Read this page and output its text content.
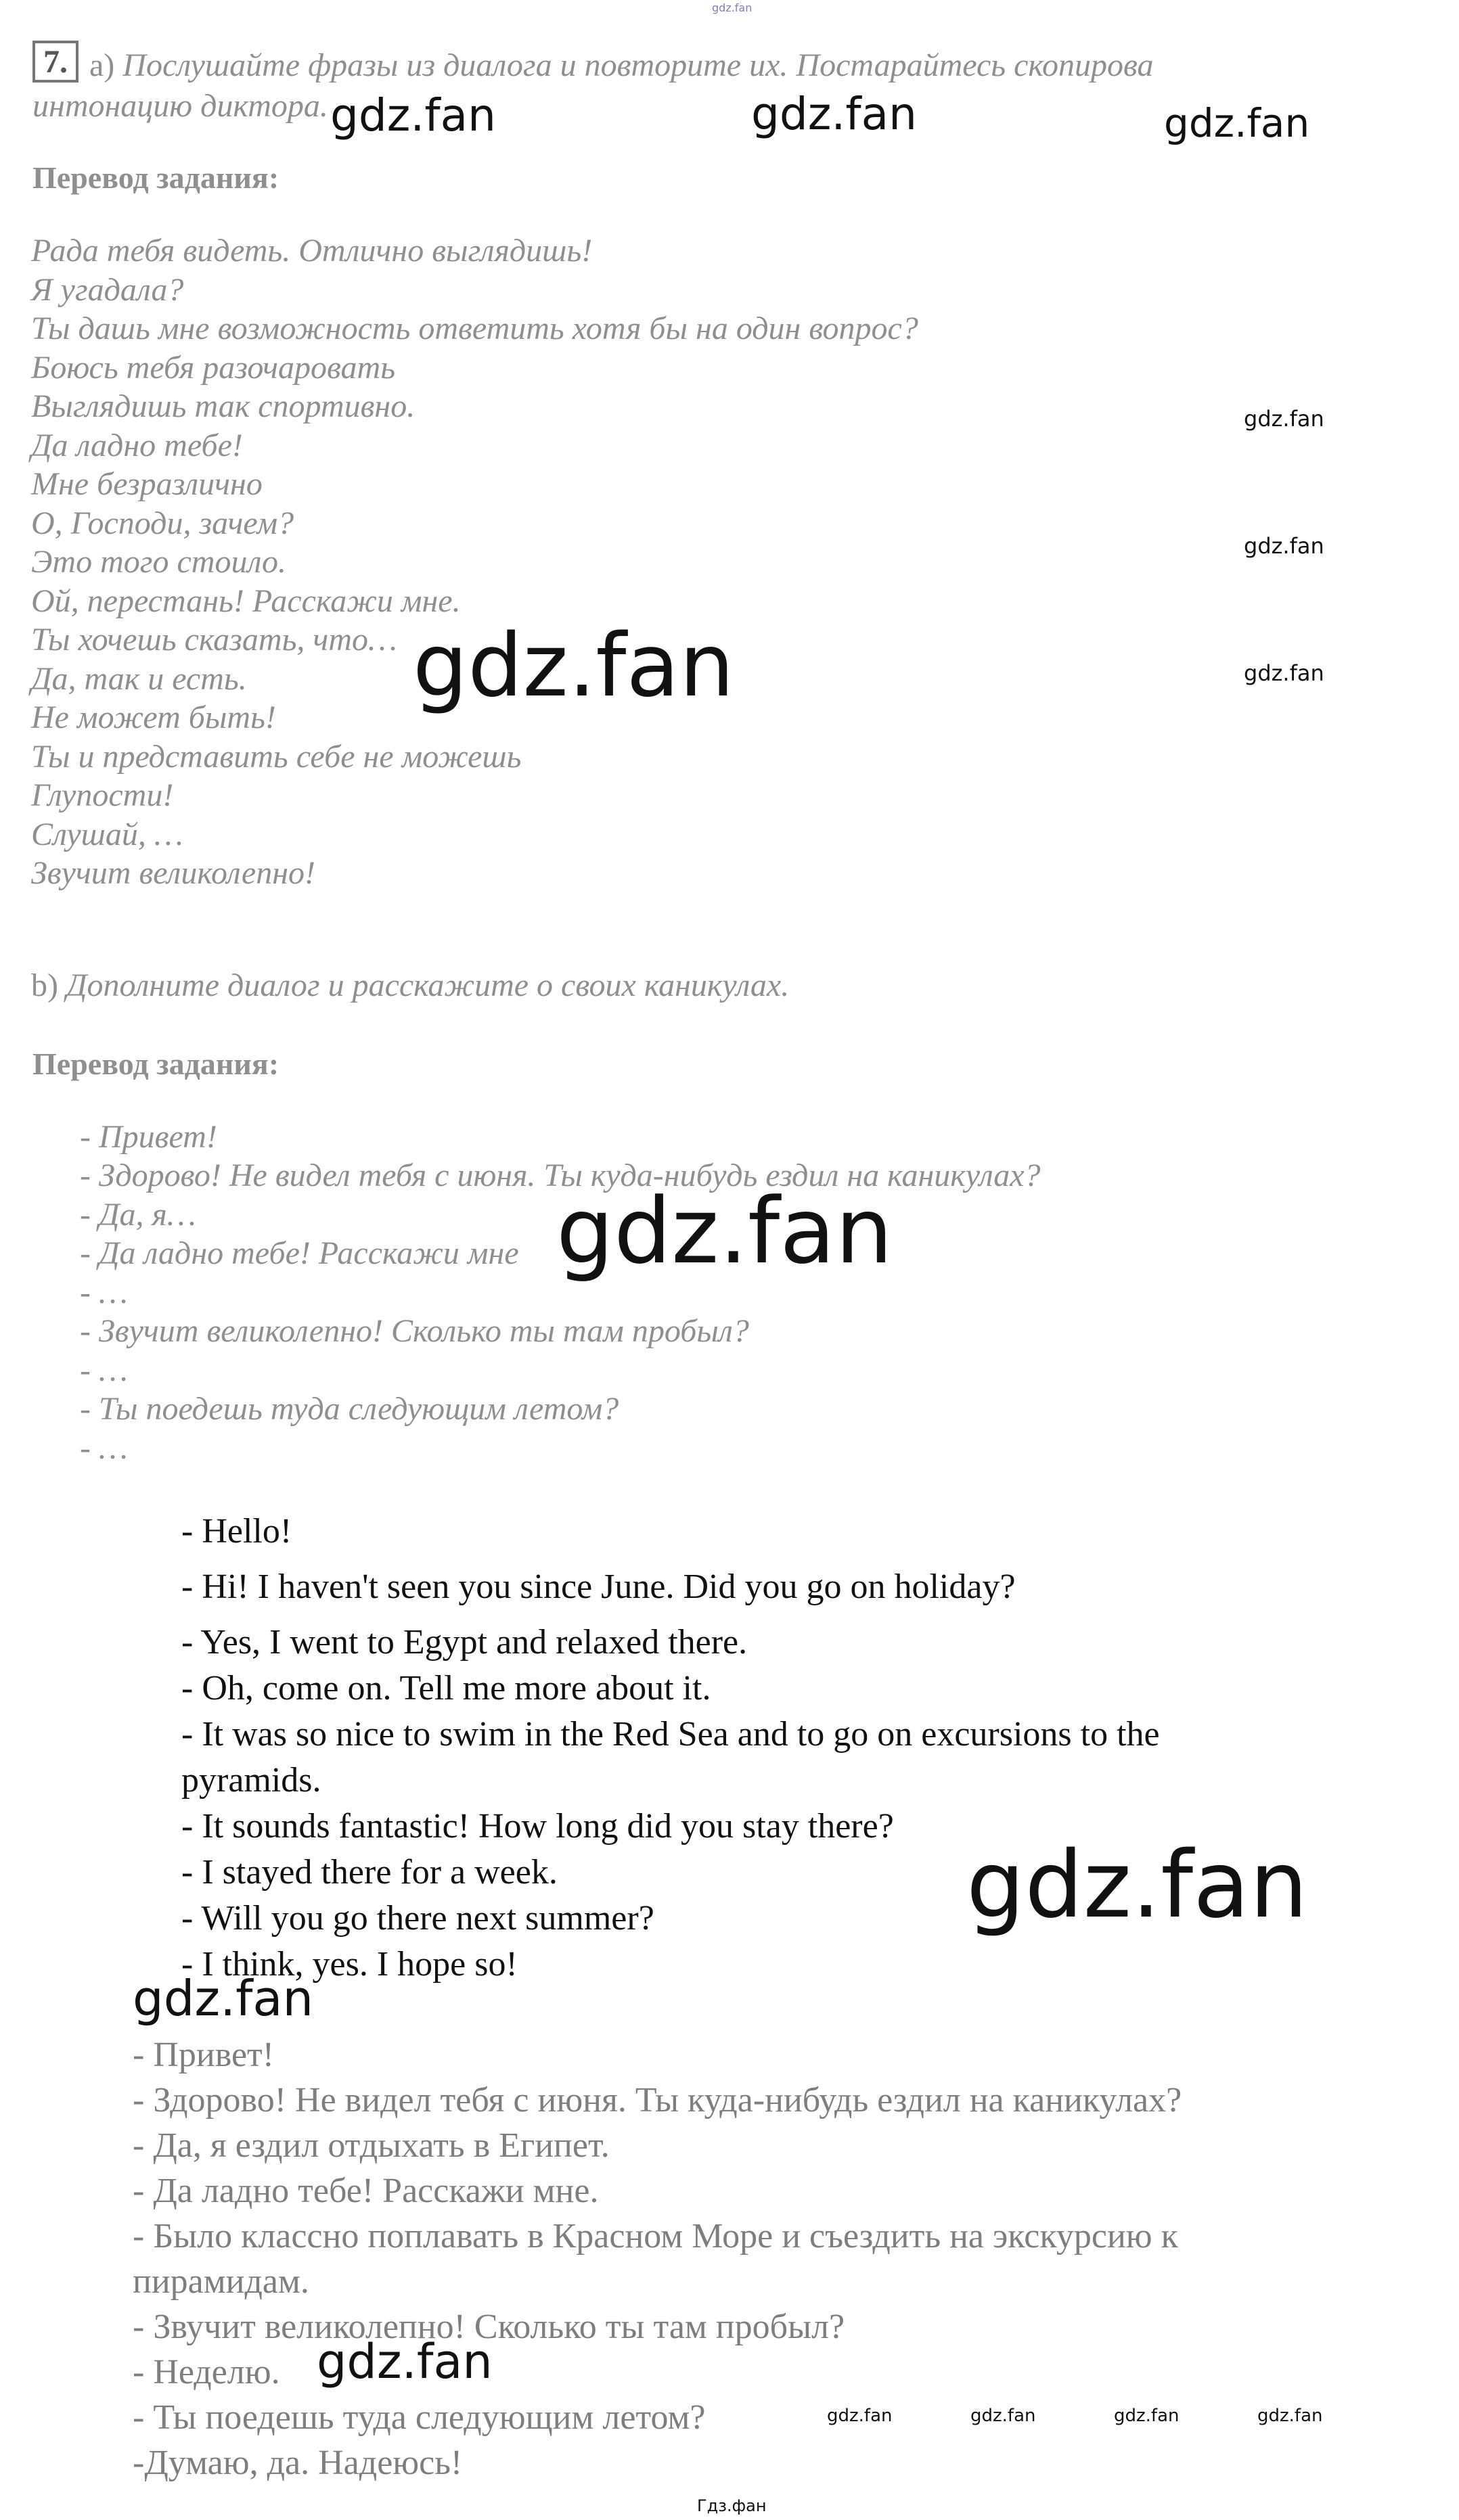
gdz.fan
7. a) Послушайте фразы из диалога и повторите их. Постарайтесь скопирова
интонацию диктора. gdz.fan	gdz.fan	gdz.fan
Перевод задания:
Рада тебя видеть. Отлично выглядишь!
Я угадала?
Ты дашь мне возможность ответить хотя бы на один вопрос?
Боюсь тебя разочаровать
Выглядишь так спортивно.
Да ладно тебе!
Мне безразлично
О, Господи, зачем?
Это того стоило.
Ой, перестань! Расскажи мне.
Ты хочешь сказать, что…
Да, так и есть.
Не может быть!
Ты и представить себе не можешь
Глупости!
Слушай, …
Звучит великолепно!
gdz.fan
gdz.fan
gdz.fan
gdz.fan
b) Дополните диалог и расскажите о своих каникулах.
Перевод задания:
- Привет!
- Здорово! Не видел тебя с июня. Ты куда-нибудь ездил на каникулах?
- Да, я…
- Да ладно тебе! Расскажи мне
- …
- Звучит великолепно! Сколько ты там пробыл?
- …
- Ты поедешь туда следующим летом?
- …
gdz.fan
- Hello!
- Hi! I haven't seen you since June. Did you go on holiday?
- Yes, I went to Egypt and relaxed there.
- Oh, come on. Tell me more about it.
- It was so nice to swim in the Red Sea and to go on excursions to the
pyramids.
- It sounds fantastic! How long did you stay there?
- I stayed there for a week.
- Will you go there next summer?
- I think, yes. I hope so!
gdz.fan
gdz.fan
- Привет!
- Здорово! Не видел тебя с июня. Ты куда-нибудь ездил на каникулах?
- Да, я ездил отдыхать в Египет.
- Да ладно тебе! Расскажи мне.
- Было классно поплавать в Красном Море и съездить на экскурсию к
пирамидам.
- Звучит великолепно! Сколько ты там пробыл?
- Неделю.
- Ты поедешь туда следующим летом?
-Думаю, да. Надеюсь!
gdz.fan
gdz.fan	gdz.fan	gdz.fan	gdz.fan
Гдз.фан
